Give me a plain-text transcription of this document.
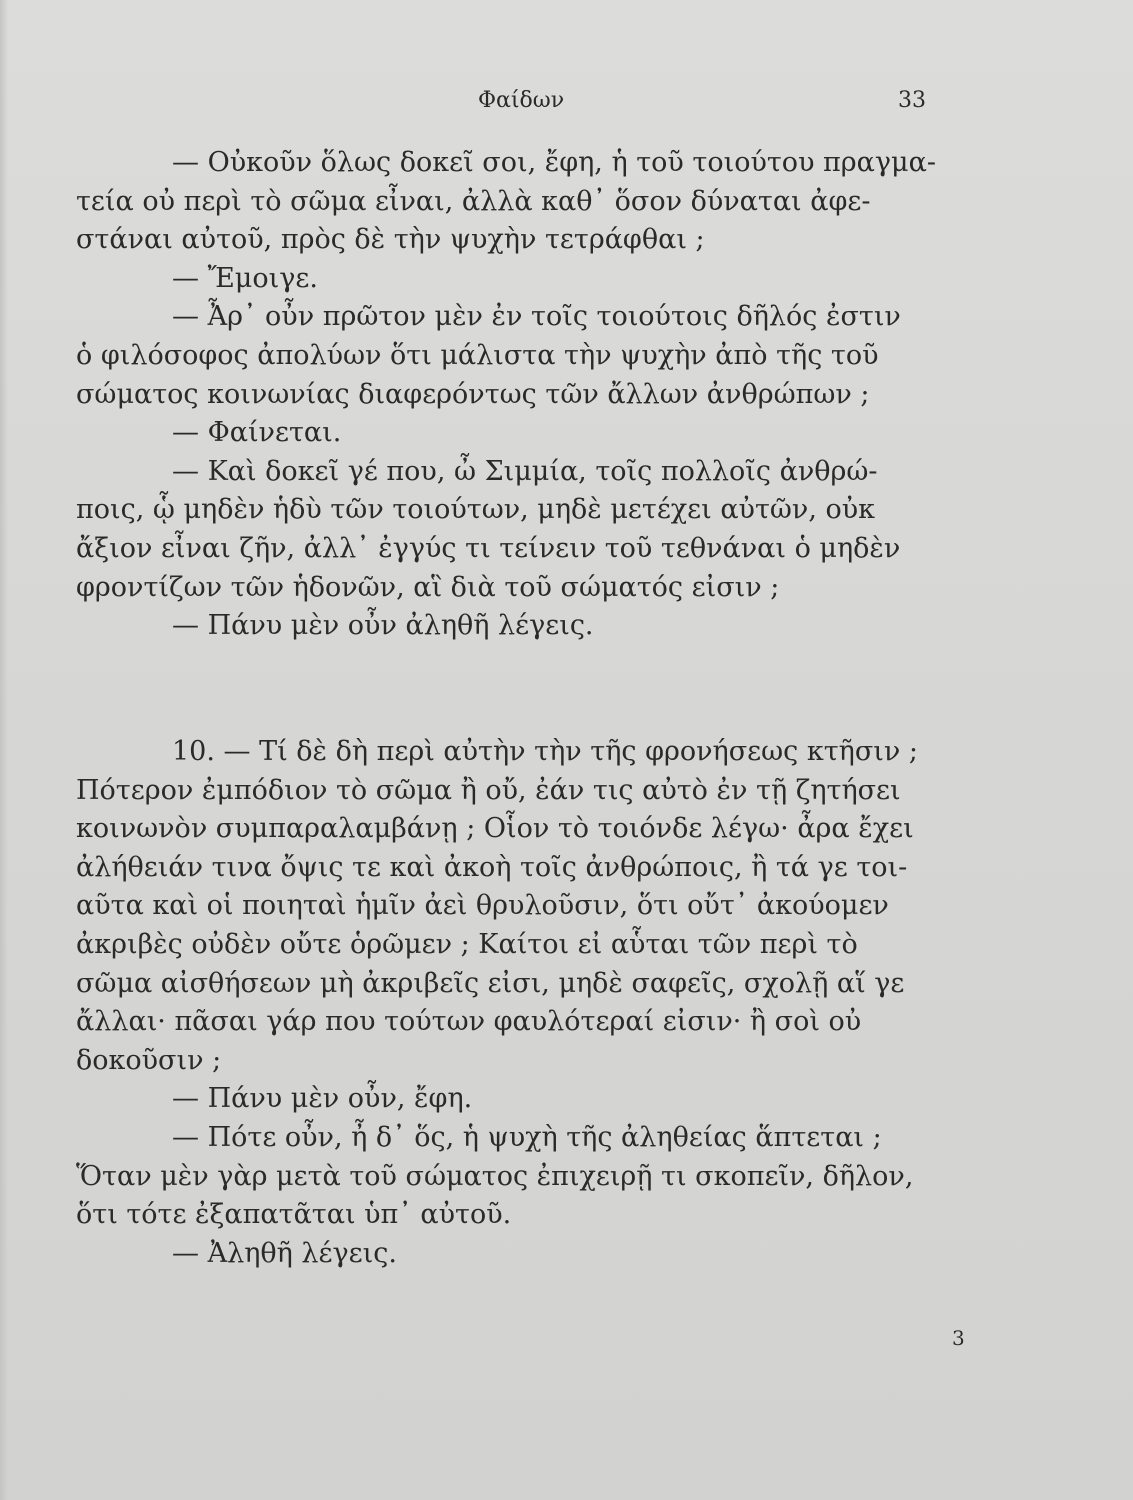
Φαίδων	33
— Οὐκοῦν ὅλως δοκεῖ σοι, ἔφη, ἡ τοῦ τοιούτου πραγμα-
τεία οὐ περὶ τὸ σῶμα εἶναι, ἀλλὰ καθ᾽ ὅσον δύναται ἀφε-
στάναι αὐτοῦ, πρὸς δὲ τὴν ψυχὴν τετράφθαι ;
— Ἔμοιγε.
— Ἆρ᾽ οὖν πρῶτον μὲν ἐν τοῖς τοιούτοις δῆλός ἐστιν
ὁ φιλόσοφος ἀπολύων ὅτι μάλιστα τὴν ψυχὴν ἀπὸ τῆς τοῦ
σώματος κοινωνίας διαφερόντως τῶν ἄλλων ἀνθρώπων ;
— Φαίνεται.
— Καὶ δοκεῖ γέ που, ὦ Σιμμία, τοῖς πολλοῖς ἀνθρώ-
ποις, ᾧ μηδὲν ἡδὺ τῶν τοιούτων, μηδὲ μετέχει αὐτῶν, οὐκ
ἄξιον εἶναι ζῆν, ἀλλ᾽ ἐγγύς τι τείνειν τοῦ τεθνάναι ὁ μηδὲν
φροντίζων τῶν ἡδονῶν, αἳ διὰ τοῦ σώματός εἰσιν ;
— Πάνυ μὲν οὖν ἀληθῆ λέγεις.
10. — Τί δὲ δὴ περὶ αὐτὴν τὴν τῆς φρονήσεως κτῆσιν ;
Πότερον ἐμπόδιον τὸ σῶμα ἢ οὔ, ἐάν τις αὐτὸ ἐν τῇ ζητήσει
κοινωνὸν συμπαραλαμβάνῃ ; Οἷον τὸ τοιόνδε λέγω· ἆρα ἔχει
ἀλήθειάν τινα ὄψις τε καὶ ἀκοὴ τοῖς ἀνθρώποις, ἢ τά γε τοι-
αῦτα καὶ οἱ ποιηταὶ ἡμῖν ἀεὶ θρυλοῦσιν, ὅτι οὔτ᾽ ἀκούομεν
ἀκριβὲς οὐδὲν οὔτε ὁρῶμεν ; Καίτοι εἰ αὗται τῶν περὶ τὸ
σῶμα αἰσθήσεων μὴ ἀκριβεῖς εἰσι, μηδὲ σαφεῖς, σχολῇ αἵ γε
ἄλλαι· πᾶσαι γάρ που τούτων φαυλότεραί εἰσιν· ἢ σοὶ οὐ
δοκοῦσιν ;
— Πάνυ μὲν οὖν, ἔφη.
— Πότε οὖν, ἦ δ᾽ ὅς, ἡ ψυχὴ τῆς ἀληθείας ἅπτεται ;
Ὅταν μὲν γὰρ μετὰ τοῦ σώματος ἐπιχειρῇ τι σκοπεῖν, δῆλον,
ὅτι τότε ἐξαπατᾶται ὑπ᾽ αὐτοῦ.
— Ἀληθῆ λέγεις.
3
